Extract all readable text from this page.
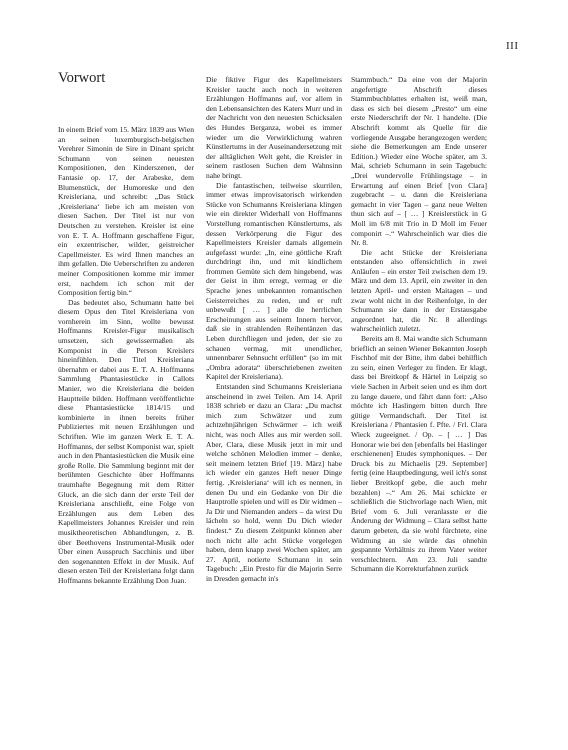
III
Vorwort

In einem Brief vom 15. März 1839 aus Wien an seinen luxemburgisch-belgischen Verehrer Simonin de Sire in Dinant spricht Schumann von seinen neuesten Kompositionen, den Kinderszenen, der Fantasie op. 17, der Arabeske, dem Blumenstück, der Humoreske und den Kreisleriana, und schreibt: „Das Stück ‚Kreisleriana‘ liebe ich am meisten von diesen Sachen. Der Titel ist nur von Deutschen zu verstehen. Kreisler ist eine von E. T. A. Hoffmann geschaffene Figur, ein exzentrischer, wilder, geistreicher Capellmeister. Es wird Ihnen manches an ihm gefallen. Die Ueberschriften zu anderen meiner Compositionen komme mir immer erst, nachdem ich schon mit der Composition fertig bin.“

Das bedeutet also, Schumann hatte bei diesem Opus den Titel Kreisleriana von vornherein im Sinn, wollte bewusst Hoffmanns Kreisler-Figur musikalisch umsetzen, sich gewissermaßen als Komponist in die Person Kreislers hineinfühlen. Den Titel Kreisleriana übernahm er dabei aus E. T. A. Hoffmanns Sammlung Phantasiestücke in Callots Manier, wo die Kreisleriana die beiden Hauptteile bilden. Hoffmann veröffentlichte diese Phantasiestücke 1814/15 und kombinierte in ihnen bereits früher Publiziertes mit neuen Erzählungen und Schriften. Wie im ganzen Werk E. T. A. Hoffmanns, der selbst Komponist war, spielt auch in den Phantasiestücken die Musik eine große Rolle. Die Sammlung beginnt mit der berühmten Geschichte über Hoffmanns traumhafte Begegnung mit dem Ritter Gluck, an die sich dann der erste Teil der Kreisleriana anschließt, eine Folge von Erzählungen aus dem Leben des Kapellmeisters Johannes Kreisler und rein musiktheoretischen Abhandlungen, z. B. über Beethovens Instrumental-Musik oder Über einen Ausspruch Sacchinis und über den sogenannten Effekt in der Musik. Auf diesen ersten Teil der Kreisleriana folgt dann Hoffmanns bekannte Erzählung Don Juan.

Die fiktive Figur des Kapellmeisters Kreisler taucht auch noch in weiteren Erzählungen Hoffmanns auf, vor allem in den Lebensansichten des Katers Murr und in der Nachricht von den neuesten Schicksalen des Hundes Berganza, wobei es immer wieder um die Verwirklichung wahren Künstlertums in der Auseinandersetzung mit der alltäglichen Welt geht, die Kreisler in seinem rastlosen Suchen dem Wahnsinn nahe bringt.

Die fantastischen, teilweise skurrilen, immer etwas improvisatorisch wirkenden Stücke von Schumanns Kreisleriana klingen wie ein direkter Widerhall von Hoffmanns Vorstellung romantischen Künstlertums, als dessen Verkörperung die Figur des Kapellmeisters Kreisler damals allgemein aufgefasst wurde: „In, eine göttliche Kraft durchdringt ihn, und mit kindlichem frommen Gemüte sich dem hingebend, was der Geist in ihm erregt, vermag er die Sprache jenes unbekannten romantischen Geisterreiches zu reden, und er ruft unbewußt [ … ] alle die herrlichen Erscheinungen aus seinem Innern hervor, daß sie in strahlenden Reihentänzen das Leben durchfliegen und jeden, der sie zu schauen vermag, mit unendlicher, unnennbarer Sehnsucht erfüllen“ (so im mit „Ombra adorata“ überschriebenen zweiten Kapitel der Kreisleriana).

Entstanden sind Schumanns Kreisleriana anscheinend in zwei Teilen. Am 14. April 1838 schrieb er dazu an Clara: „Du machst mich zum Schwätzer und zum achtzehnjährigen Schwärmer – ich weiß nicht, was noch Alles aus mir werden soll. Aber, Clara, diese Musik jetzt in mir und welche schönen Melodien immer – denke, seit meinem letzten Brief [19. März] habe ich wieder ein ganzes Heft neuer Dinge fertig. ‚Kreisleriana‘ will ich es nennen, in denen Du und ein Gedanke von Dir die Hauptrolle spielen und will es Dir widmen – Ja Dir und Niemanden anders – da wirst Du lächeln so hold, wenn Du Dich wieder findest.“ Zu diesem Zeitpunkt können aber noch nicht alle acht Stücke vorgelegen haben, denn knapp zwei Wochen später, am 27. April, notierte Schumann in sein Tagebuch: „Ein Presto für die Majorin Serre in Dresden gemacht in's

Stammbuch.“ Da eine von der Majorin angefertigte Abschrift dieses Stammbuchblattes erhalten ist, weiß man, dass es sich bei diesem „Presto“ um eine erste Niederschrift der Nr. 1 handelte. (Die Abschrift kommt als Quelle für die vorliegende Ausgabe herangezogen werden; siehe die Bemerkungen am Ende unserer Edition.) Wieder eine Woche später, am 3. Mai, schrieb Schumann in sein Tagebuch: „Drei wundervolle Frühlingstage – in Erwartung auf einen Brief [von Clara] zugebracht – u. dann die Kreisleriana gemacht in vier Tagen – ganz neue Welten thun sich auf – [ … ] Kreislerstück in G Moll im 6/8 mit Trio in D Moll im Feuer componirt –.“ Wahrscheinlich war dies die Nr. 8.

Die acht Stücke der Kreisleriana entstanden also offensichtlich in zwei Anläufen – ein erster Teil zwischen dem 19. März und dem 13. April, ein zweiter in den letzten April- und ersten Maitagen – und zwar wohl nicht in der Reihenfolge, in der Schumann sie dann in der Erstausgabe angeordnet hat, die Nr. 8 allerdings wahrscheinlich zuletzt.

Bereits am 8. Mai wandte sich Schumann brieflich an seinen Wiener Bekannten Joseph Fischhof mit der Bitte, ihm dabei behilflich zu sein, einen Verleger zu finden. Er klagt, dass bei Breitkopf & Härtel in Leipzig so viele Sachen in Arbeit seien und es ihm dort zu lange dauere, und fährt dann fort: „Also möchte ich Haslingern bitten durch Ihre gütige Vermandschaft. Der Titel ist Kreisleriana / Phantasien f. Pfte. / Frl. Clara Wieck zugeeignet. / Op. – [ … ] Das Honorar wie bei den [ebenfalls bei Haslinger erschienenen] Etudes symphoniques. – Der Druck bis zu Michaelis [29. September] fertig (eine Hauptbedingung, weil ich's sonst lieber Breitkopf gebe, die auch mehr bezahlen) –.“ Am 26. Mai schickte er schließlich die Stichvorlage nach Wien, mit Brief vom 6. Juli veranlasste er die Änderung der Widmung – Clara selbst hatte darum gebeten, da sie wohl fürchtete, eine Widmung an sie würde das ohnehin gespannte Verhältnis zu ihrem Vater weiter verschlechtern. Am 23. Juli sandte Schumann die Korrekturfahnen zurück
